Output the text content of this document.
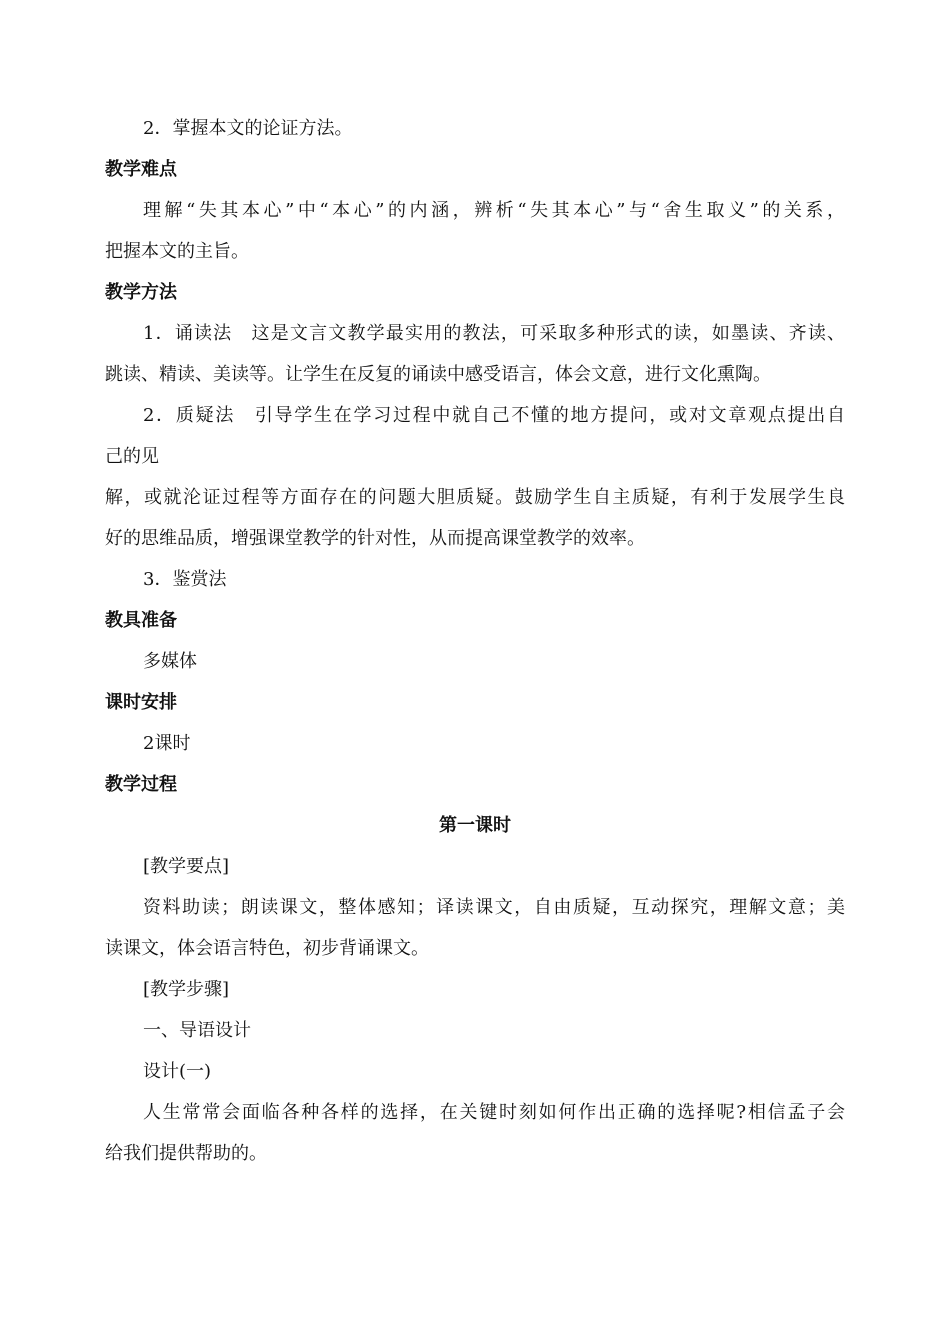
2．掌握本文的论证方法。
教学难点
理解“失其本心”中“本心”的内涵，辨析“失其本心”与“舍生取义”的关系，
把握本文的主旨。
教学方法
1．诵读法　这是文言文教学最实用的教法，可采取多种形式的读，如墨读、齐读、
跳读、精读、美读等。让学生在反复的诵读中感受语言，体会文意，进行文化熏陶。
2．质疑法　引导学生在学习过程中就自己不懂的地方提问，或对文章观点提出自
己的见
解，或就沦证过程等方面存在的问题大胆质疑。鼓励学生自主质疑，有利于发展学生良
好的思维品质，增强课堂教学的针对性，从而提高课堂教学的效率。
3．鉴赏法
教具准备
多媒体
课时安排
2课时
教学过程
第一课时
[教学要点]
资料助读；朗读课文，整体感知；译读课文，自由质疑，互动探究，理解文意；美
读课文，体会语言特色，初步背诵课文。
[教学步骤]
一、导语设计
设计(一)
人生常常会面临各种各样的选择，在关键时刻如何作出正确的选择呢?相信孟子会
给我们提供帮助的。
